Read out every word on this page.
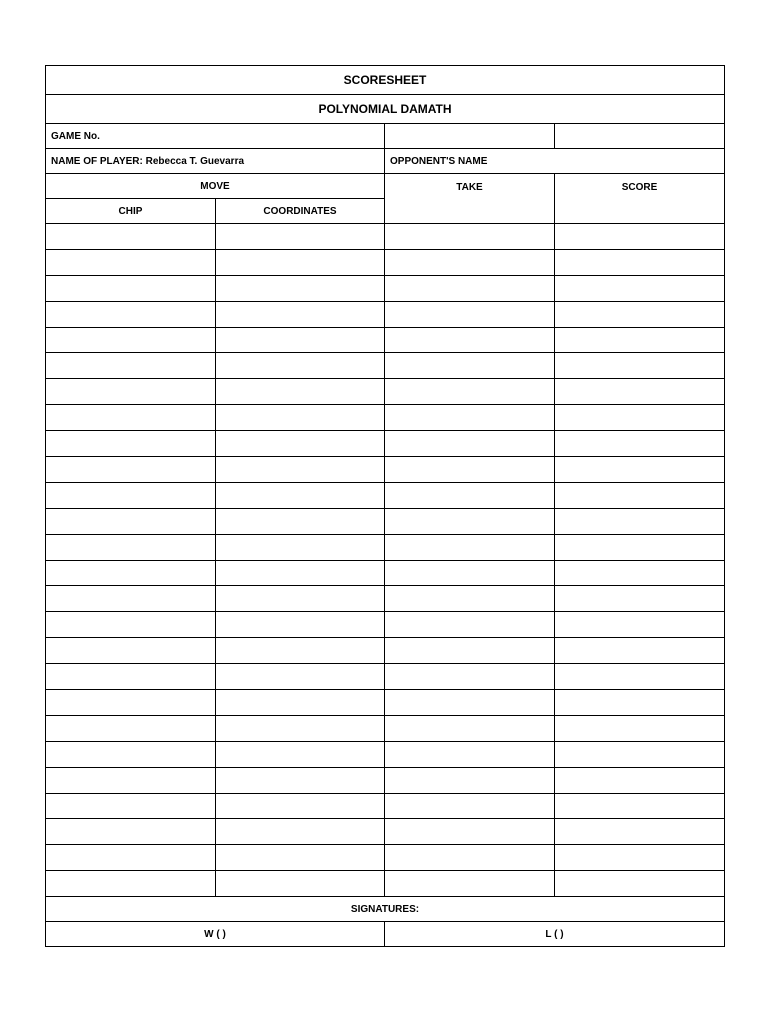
SCORESHEET			
POLYNOMIAL DAMATH			
GAME No.			
NAME OF PLAYER: Rebecca T. Guevarra		OPPONENT'S NAME	
MOVE		TAKE	SCORE
CHIP	COORDINATES		

SIGNATURES:			
W ( )		L ( )	
